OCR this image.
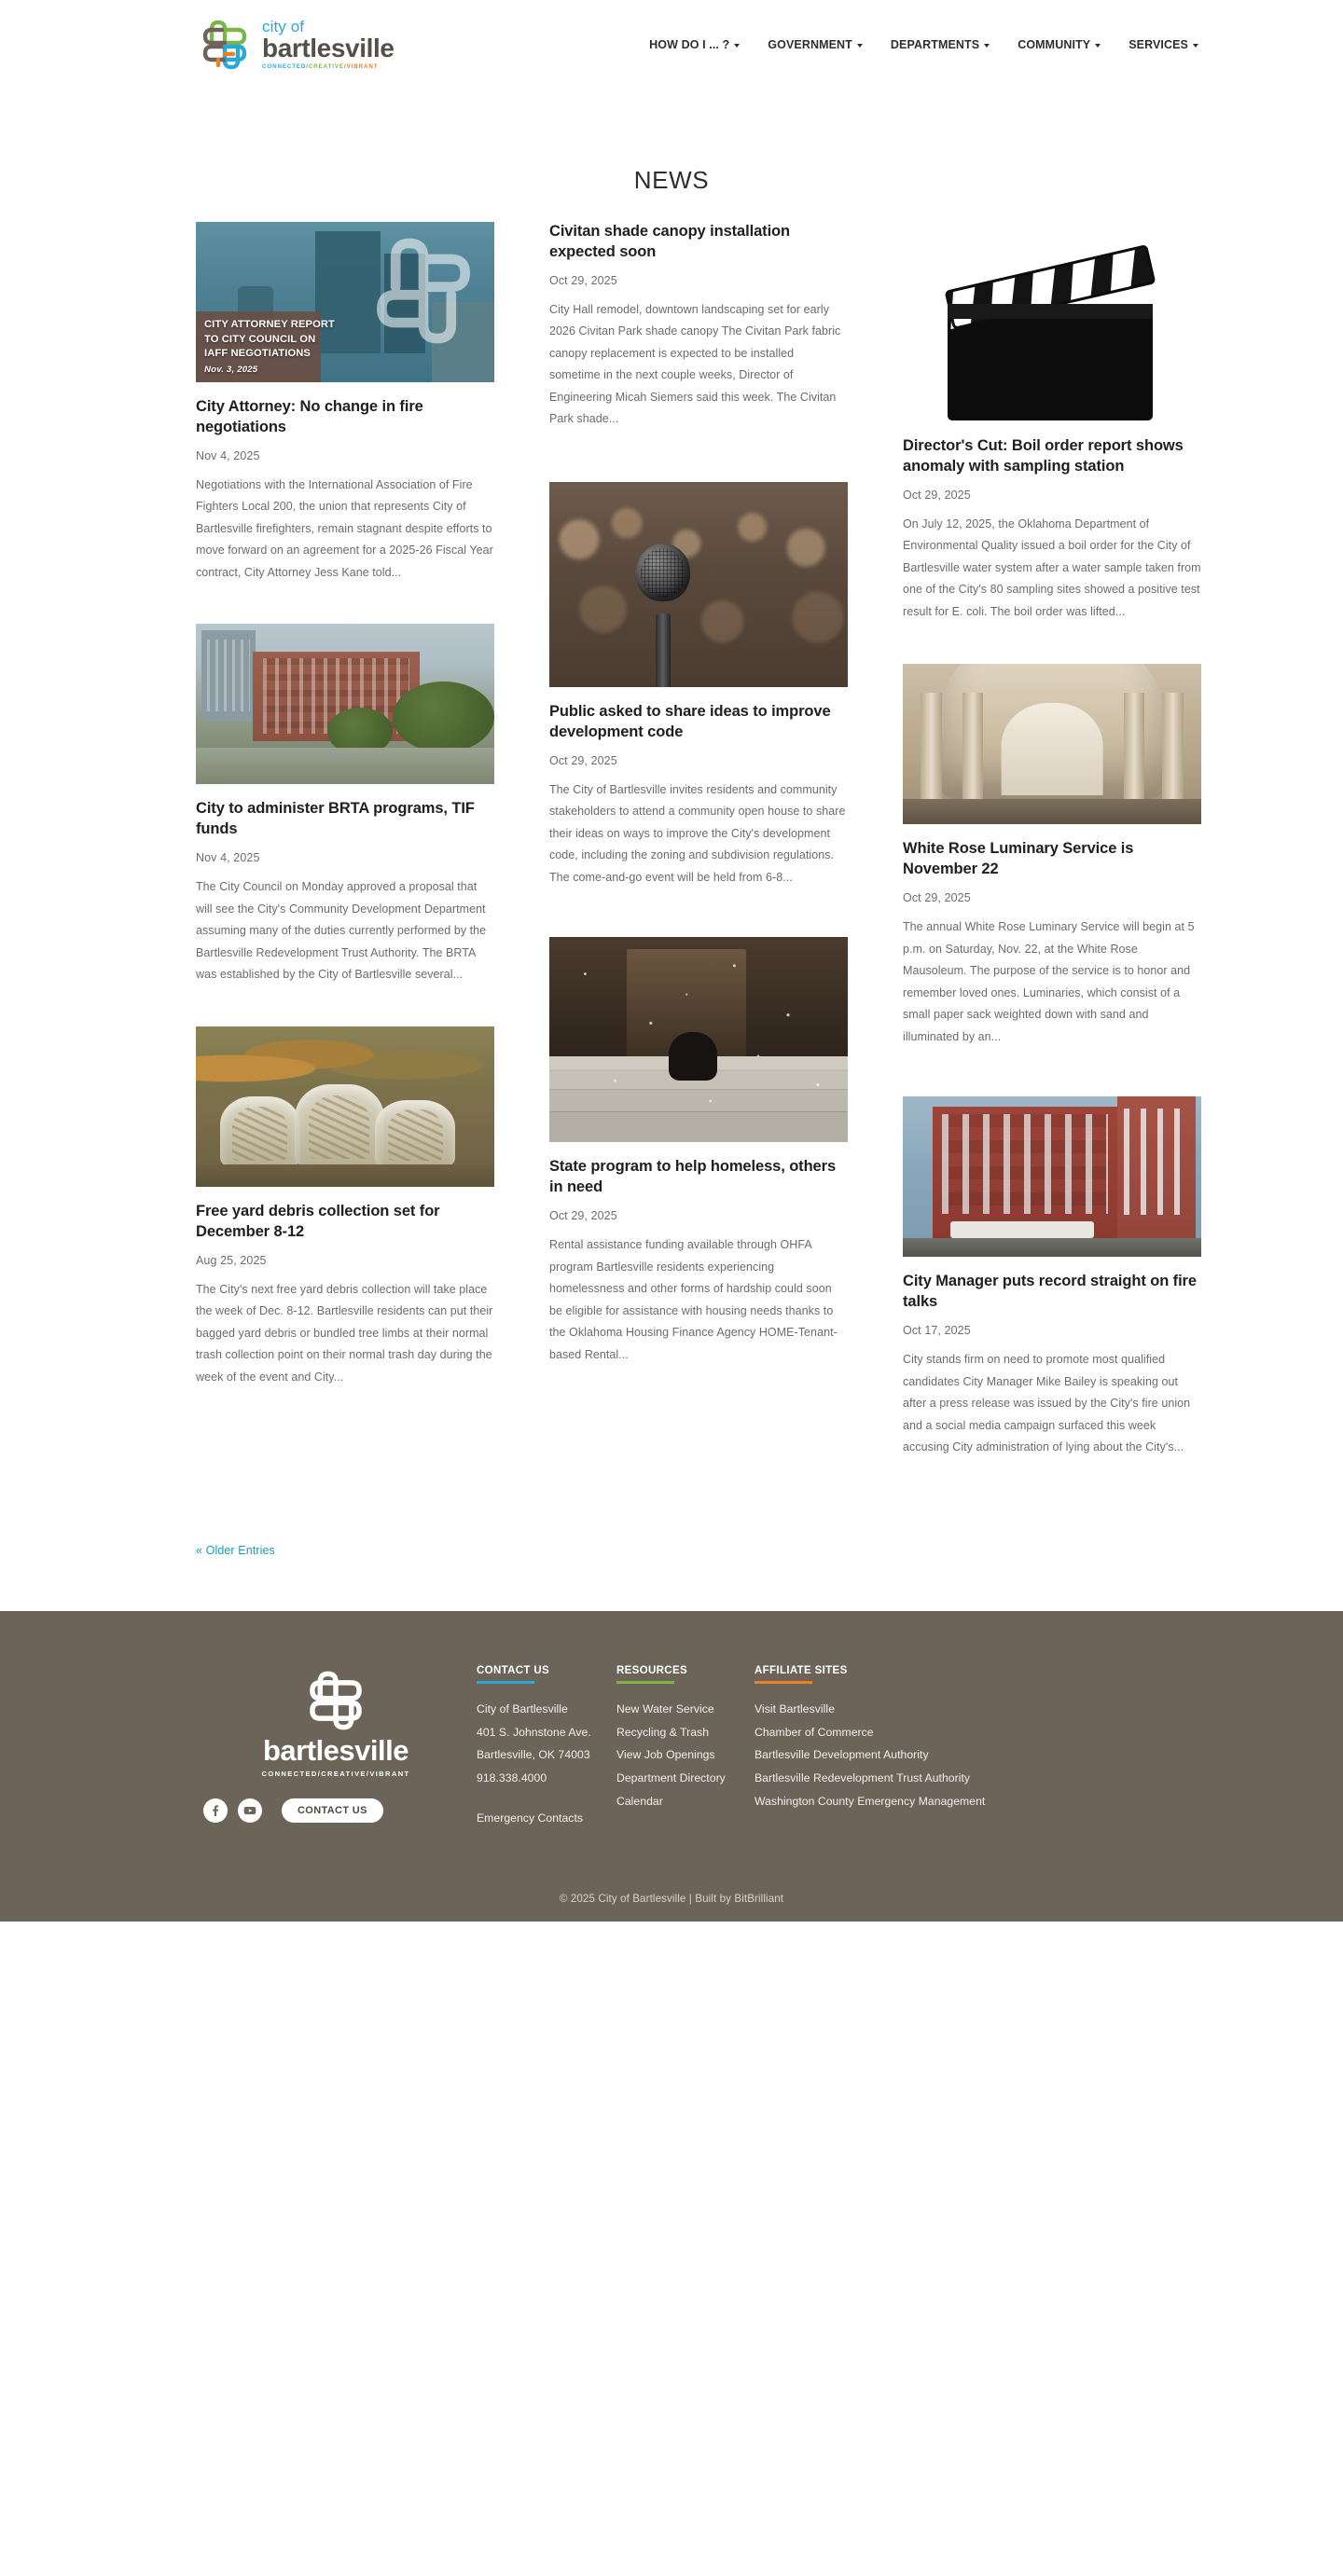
city of
bartlesville
CONNECTED/CREATIVE/VIBRANT
HOW DO I ... ?	GOVERNMENT	DEPARTMENTS	COMMUNITY	SERVICES
NEWS
CITY ATTORNEY REPORT
TO CITY COUNCIL ON
IAFF NEGOTIATIONS
Nov. 3, 2025
City Attorney: No change in fire negotiations
Nov 4, 2025

Negotiations with the International Association of Fire Fighters Local 200, the union that represents City of Bartlesville firefighters, remain stagnant despite efforts to move forward on an agreement for a 2025-26 Fiscal Year contract, City Attorney Jess Kane told...

City to administer BRTA programs, TIF funds
Nov 4, 2025

The City Council on Monday approved a proposal that will see the City's Community Development Department assuming many of the duties currently performed by the Bartlesville Redevelopment Trust Authority. The BRTA was established by the City of Bartlesville several...

Free yard debris collection set for December 8-12
Aug 25, 2025

The City's next free yard debris collection will take place the week of Dec. 8-12. Bartlesville residents can put their bagged yard debris or bundled tree limbs at their normal trash collection point on their normal trash day during the week of the event and City...

Civitan shade canopy installation expected soon
Oct 29, 2025

City Hall remodel, downtown landscaping set for early 2026 Civitan Park shade canopy The Civitan Park fabric canopy replacement is expected to be installed sometime in the next couple weeks, Director of Engineering Micah Siemers said this week. The Civitan Park shade...

Public asked to share ideas to improve development code
Oct 29, 2025

The City of Bartlesville invites residents and community stakeholders to attend a community open house to share their ideas on ways to improve the City's development code, including the zoning and subdivision regulations. The come-and-go event will be held from 6-8...

State program to help homeless, others in need
Oct 29, 2025

Rental assistance funding available through OHFA program Bartlesville residents experiencing homelessness and other forms of hardship could soon be eligible for assistance with housing needs thanks to the Oklahoma Housing Finance Agency HOME-Tenant-based Rental...

Director's Cut: Boil order report shows anomaly with sampling station
Oct 29, 2025

On July 12, 2025, the Oklahoma Department of Environmental Quality issued a boil order for the City of Bartlesville water system after a water sample taken from one of the City's 80 sampling sites showed a positive test result for E. coli. The boil order was lifted...

White Rose Luminary Service is November 22
Oct 29, 2025

The annual White Rose Luminary Service will begin at 5 p.m. on Saturday, Nov. 22, at the White Rose Mausoleum. The purpose of the service is to honor and remember loved ones. Luminaries, which consist of a small paper sack weighted down with sand and illuminated by an...

City Manager puts record straight on fire talks
Oct 17, 2025

City stands firm on need to promote most qualified candidates City Manager Mike Bailey is speaking out after a press release was issued by the City's fire union and a social media campaign surfaced this week accusing City administration of lying about the City's...

« Older Entries
bartlesville
CONNECTED/CREATIVE/VIBRANT
CONTACT US
CONTACT US
City of Bartlesville
401 S. Johnstone Ave.
Bartlesville, OK 74003
918.338.4000
Emergency Contacts
RESOURCES
New Water Service
Recycling & Trash
View Job Openings
Department Directory
Calendar
AFFILIATE SITES
Visit Bartlesville
Chamber of Commerce
Bartlesville Development Authority
Bartlesville Redevelopment Trust Authority
Washington County Emergency Management
© 2025 City of Bartlesville | Built by BitBrilliant
